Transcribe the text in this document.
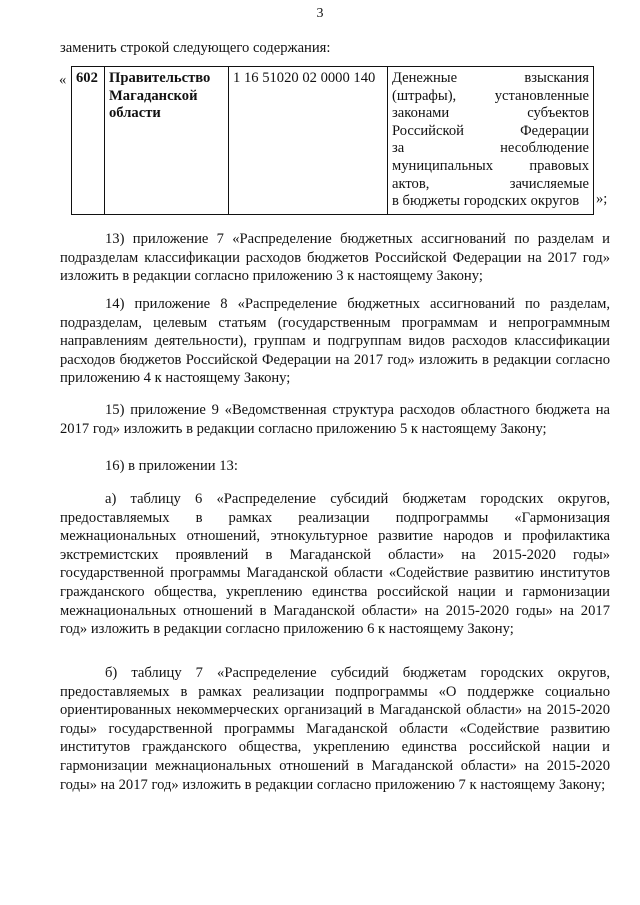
3
заменить строкой следующего содержания:
« 602	Правительство Магаданской области	1 16 51020 02 0000 140	Денежные взыскания
(штрафы), установленные
законами субъектов
Российской Федерации
за несоблюдение
муниципальных правовых
актов, зачисляемые
в бюджеты городских округов	»;

13) приложение 7 «Распределение бюджетных ассигнований по разделам и подразделам классификации расходов бюджетов Российской Федерации на 2017 год» изложить в редакции согласно приложению 3 к настоящему Закону;

14) приложение 8 «Распределение бюджетных ассигнований по разделам, подразделам, целевым статьям (государственным программам и непрограммным направлениям деятельности), группам и подгруппам видов расходов классификации расходов бюджетов Российской Федерации на 2017 год» изложить в редакции согласно приложению 4 к настоящему Закону;

15) приложение 9 «Ведомственная структура расходов областного бюджета на 2017 год» изложить в редакции согласно приложению 5 к настоящему Закону;

16) в приложении 13:

а) таблицу 6 «Распределение субсидий бюджетам городских округов, предоставляемых в рамках реализации подпрограммы «Гармонизация межнациональных отношений, этнокультурное развитие народов и профилактика экстремистских проявлений в Магаданской области» на 2015-2020 годы» государственной программы Магаданской области «Содействие развитию институтов гражданского общества, укреплению единства российской нации и гармонизации межнациональных отношений в Магаданской области» на 2015-2020 годы» на 2017 год» изложить в редакции согласно приложению 6 к настоящему Закону;

б) таблицу 7 «Распределение субсидий бюджетам городских округов, предоставляемых в рамках реализации подпрограммы «О поддержке социально ориентированных некоммерческих организаций в Магаданской области» на 2015-2020 годы» государственной программы Магаданской области «Содействие развитию институтов гражданского общества, укреплению единства российской нации и гармонизации межнациональных отношений в Магаданской области» на 2015-2020 годы» на 2017 год» изложить в редакции согласно приложению 7 к настоящему Закону;
